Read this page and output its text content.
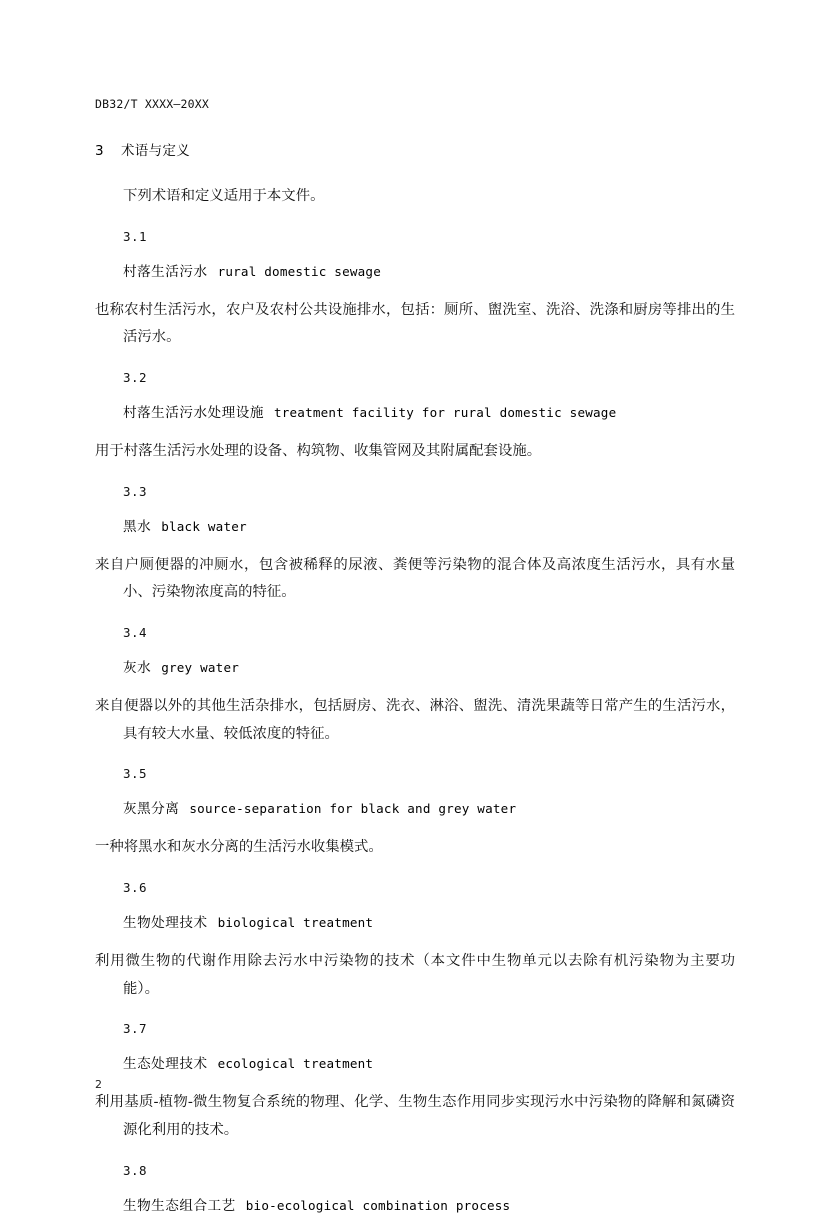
DB32/T XXXX—20XX
3 术语与定义
下列术语和定义适用于本文件。
3.1
村落生活污水 rural domestic sewage
也称农村生活污水，农户及农村公共设施排水，包括：厕所、盥洗室、洗浴、洗涤和厨房等排出的生活污水。
3.2
村落生活污水处理设施 treatment facility for rural domestic sewage
用于村落生活污水处理的设备、构筑物、收集管网及其附属配套设施。
3.3
黑水 black water
来自户厕便器的冲厕水，包含被稀释的尿液、粪便等污染物的混合体及高浓度生活污水，具有水量小、污染物浓度高的特征。
3.4
灰水 grey water
来自便器以外的其他生活杂排水，包括厨房、洗衣、淋浴、盥洗、清洗果蔬等日常产生的生活污水，具有较大水量、较低浓度的特征。
3.5
灰黑分离 source-separation for black and grey water
一种将黑水和灰水分离的生活污水收集模式。
3.6
生物处理技术 biological treatment
利用微生物的代谢作用除去污水中污染物的技术（本文件中生物单元以去除有机污染物为主要功能）。
3.7
生态处理技术 ecological treatment
利用基质-植物-微生物复合系统的物理、化学、生物生态作用同步实现污水中污染物的降解和氮磷资源化利用的技术。
3.8
生物生态组合工艺 bio-ecological combination process
2
